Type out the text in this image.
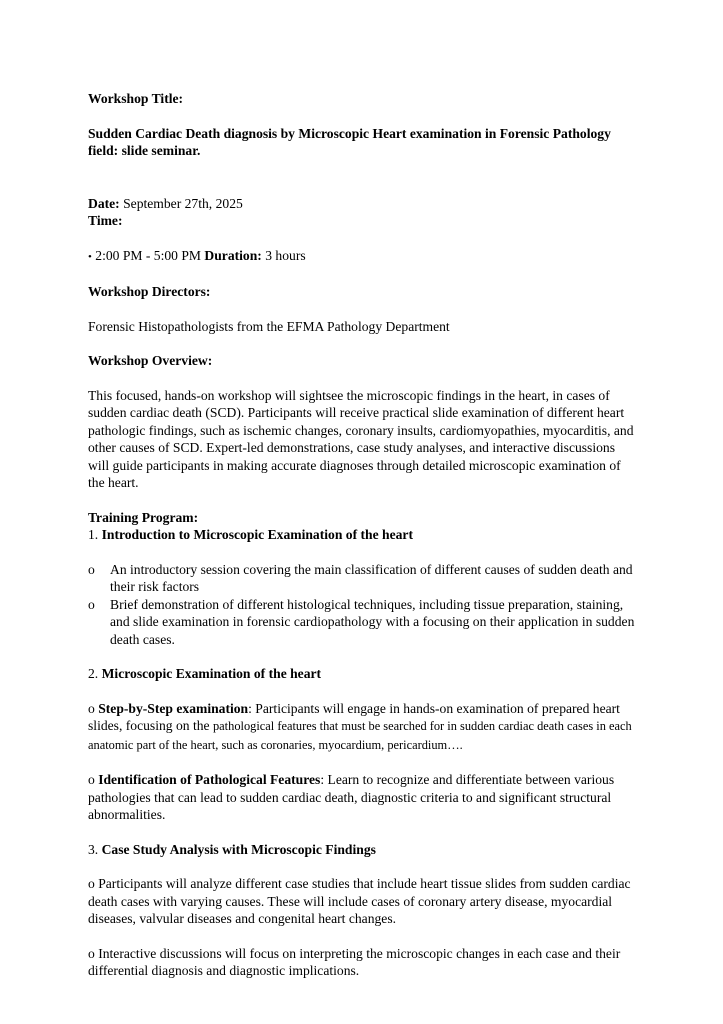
Workshop Title:

Sudden Cardiac Death diagnosis by Microscopic Heart examination in Forensic Pathology field: slide seminar.

Date: September 27th, 2025

Time:

• 2:00 PM - 5:00 PM Duration: 3 hours

Workshop Directors:

Forensic Histopathologists from the EFMA Pathology Department

Workshop Overview:

This focused, hands-on workshop will sightsee the microscopic findings in the heart, in cases of sudden cardiac death (SCD). Participants will receive practical slide examination of different heart pathologic findings, such as ischemic changes, coronary insults, cardiomyopathies, myocarditis, and other causes of SCD. Expert-led demonstrations, case study analyses, and interactive discussions will guide participants in making accurate diagnoses through detailed microscopic examination of the heart.

Training Program:

1. Introduction to Microscopic Examination of the heart

o An introductory session covering the main classification of different causes of sudden death and their risk factors
o Brief demonstration of different histological techniques, including tissue preparation, staining, and slide examination in forensic cardiopathology with a focusing on their application in sudden death cases.

2. Microscopic Examination of the heart

o Step-by-Step examination: Participants will engage in hands-on examination of prepared heart slides, focusing on the pathological features that must be searched for in sudden cardiac death cases in each anatomic part of the heart, such as coronaries, myocardium, pericardium….

o Identification of Pathological Features: Learn to recognize and differentiate between various pathologies that can lead to sudden cardiac death, diagnostic criteria to and significant structural abnormalities.

3. Case Study Analysis with Microscopic Findings

o Participants will analyze different case studies that include heart tissue slides from sudden cardiac death cases with varying causes. These will include cases of coronary artery disease, myocardial diseases, valvular diseases and congenital heart changes.

o Interactive discussions will focus on interpreting the microscopic changes in each case and their differential diagnosis and diagnostic implications.
